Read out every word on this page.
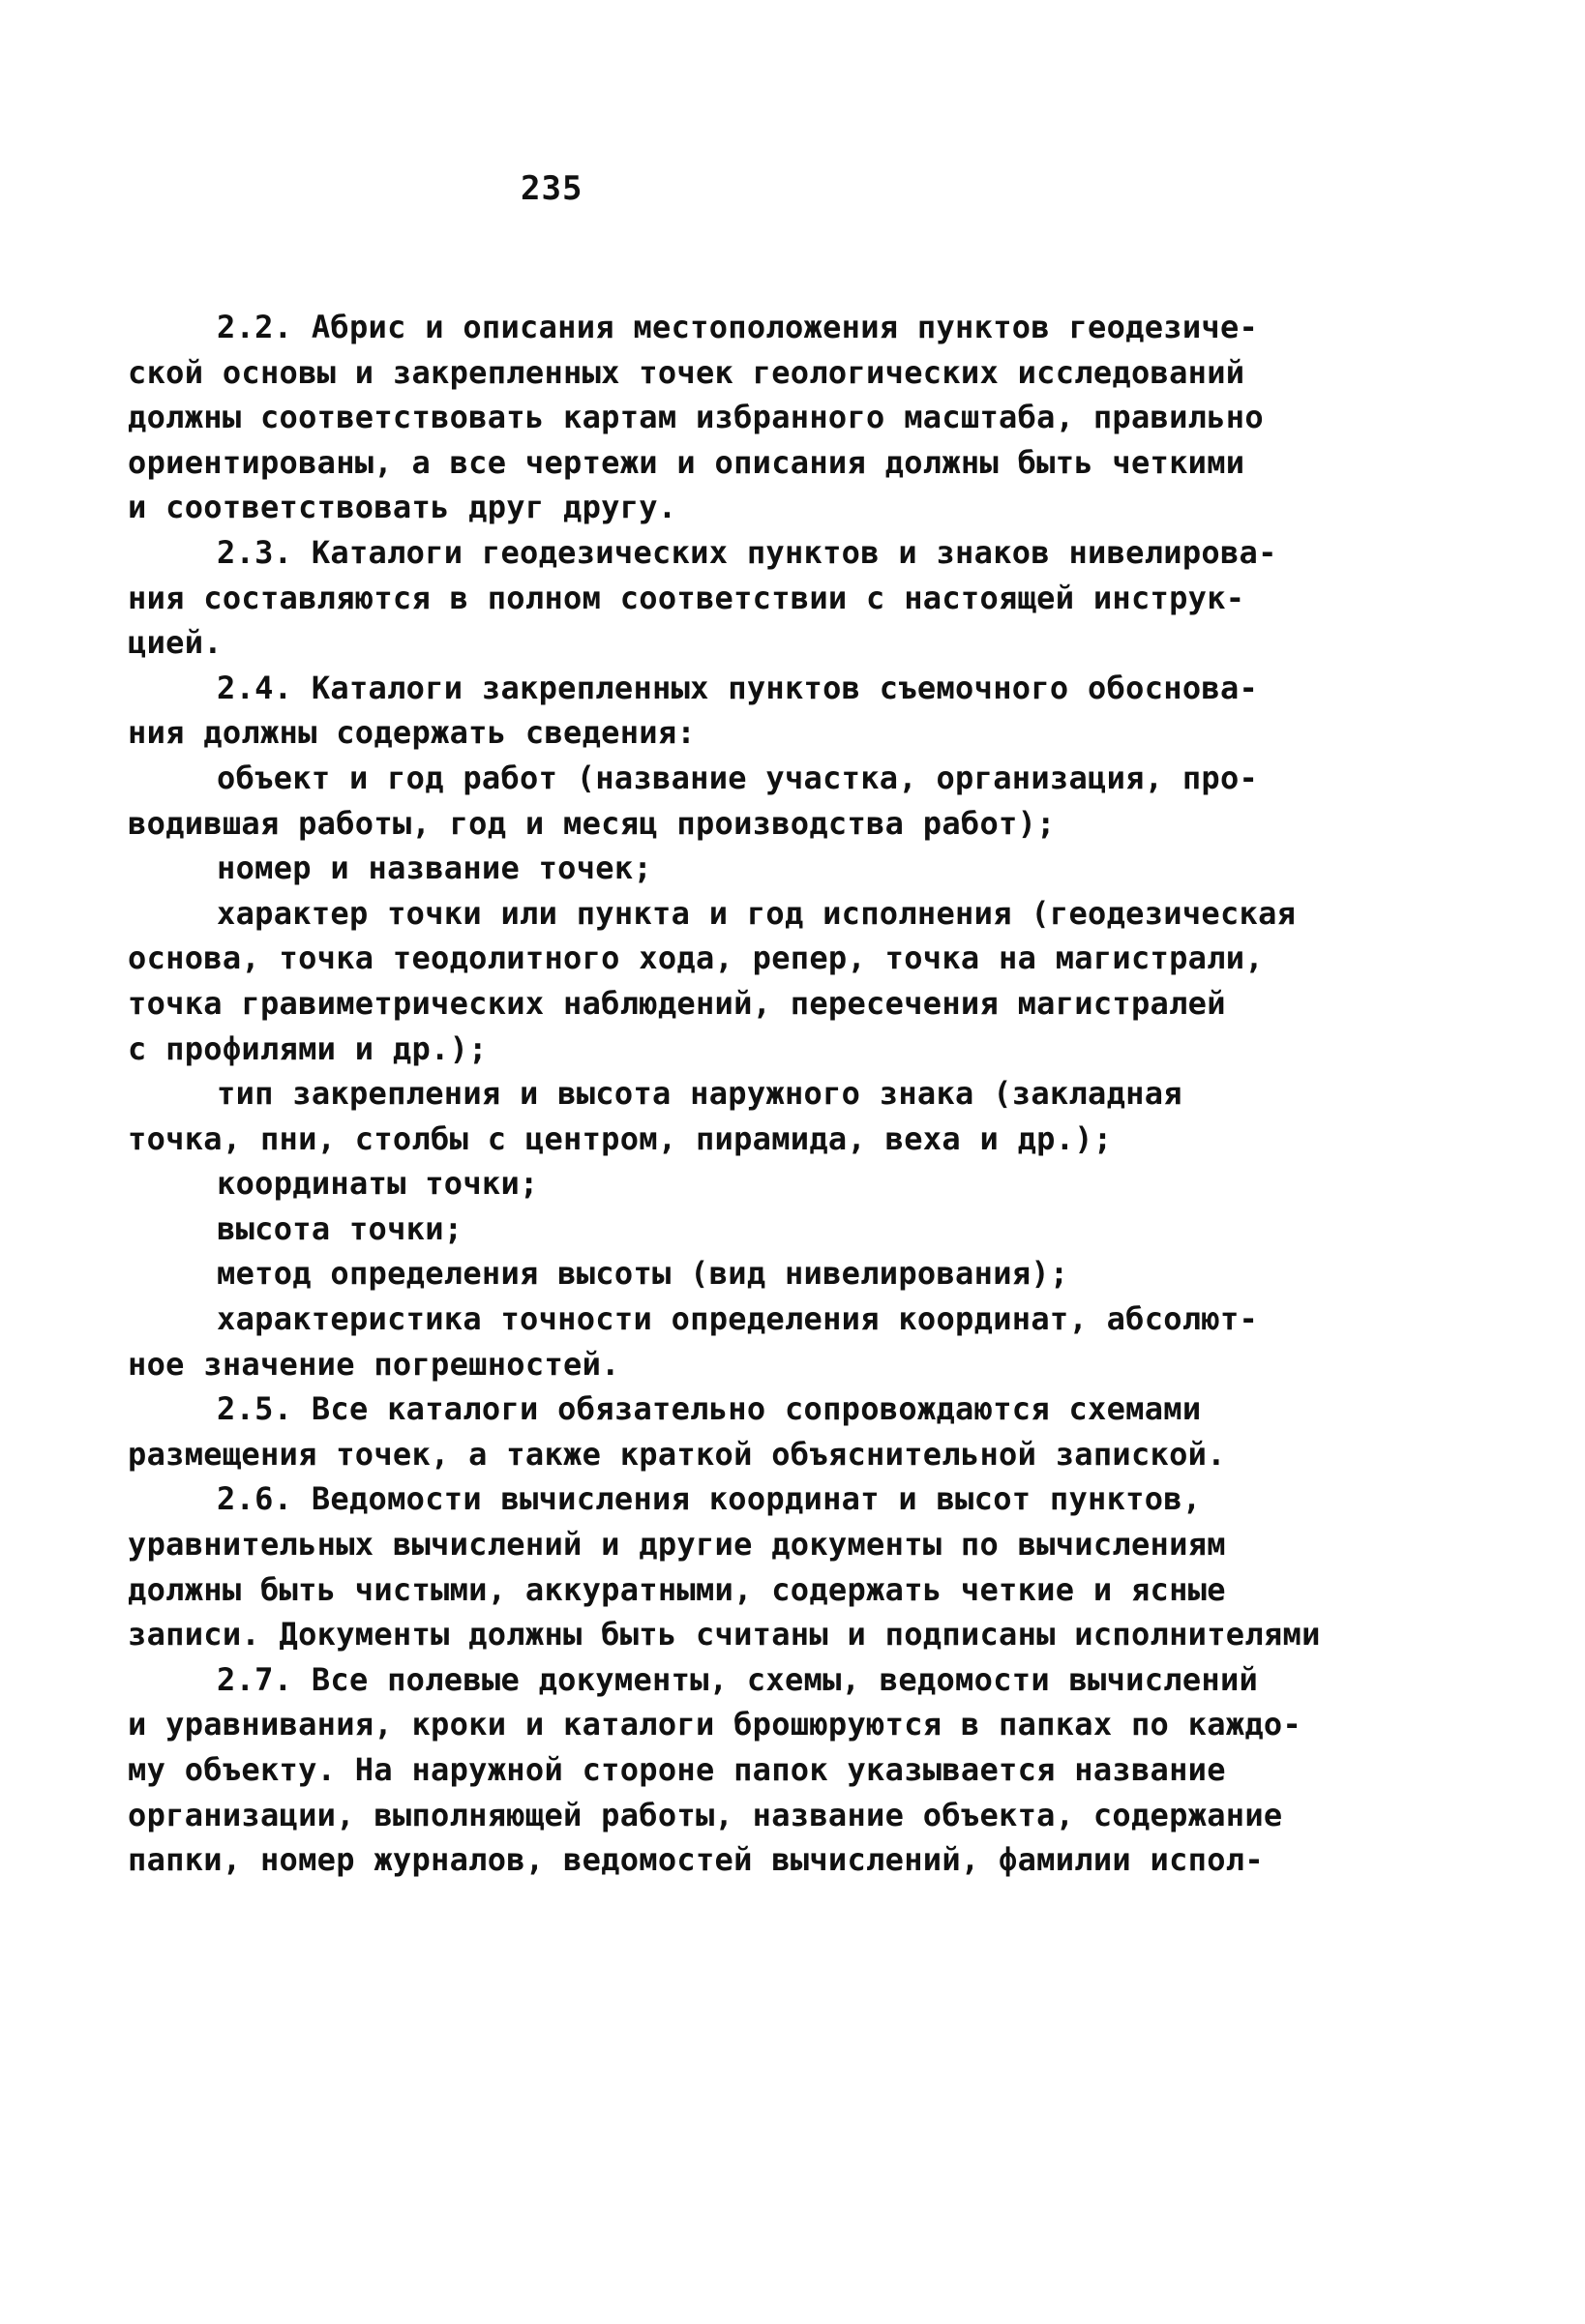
235
2.2. Абрис и описания местоположения пунктов геодезиче-
ской основы и закрепленных точек геологических исследований
должны соответствовать картам избранного масштаба, правильно
ориентированы, а все чертежи и описания должны быть четкими
и соответствовать друг другу.
2.3. Каталоги геодезических пунктов и знаков нивелирова-
ния составляются в полном соответствии с настоящей инструк-
цией.
2.4. Каталоги закрепленных пунктов съемочного обоснова-
ния должны содержать сведения:
объект и год работ (название участка, организация, про-
водившая работы, год и месяц производства работ);
номер и название точек;
характер точки или пункта и год исполнения (геодезическая
основа, точка теодолитного хода, репер, точка на магистрали,
точка гравиметрических наблюдений, пересечения магистралей
с профилями и др.);
тип закрепления и высота наружного знака (закладная
точка, пни, столбы с центром, пирамида, веха и др.);
координаты точки;
высота точки;
метод определения высоты (вид нивелирования);
характеристика точности определения координат, абсолют-
ное значение погрешностей.
2.5. Все каталоги обязательно сопровождаются схемами
размещения точек, а также краткой объяснительной запиской.
2.6. Ведомости вычисления координат и высот пунктов,
уравнительных вычислений и другие документы по вычислениям
должны быть чистыми, аккуратными, содержать четкие и ясные
записи. Документы должны быть считаны и подписаны исполнителями
2.7. Все полевые документы, схемы, ведомости вычислений
и уравнивания, кроки и каталоги брошюруются в папках по каждо-
му объекту. На наружной стороне папок указывается название
организации, выполняющей работы, название объекта, содержание
папки, номер журналов, ведомостей вычислений, фамилии испол-
